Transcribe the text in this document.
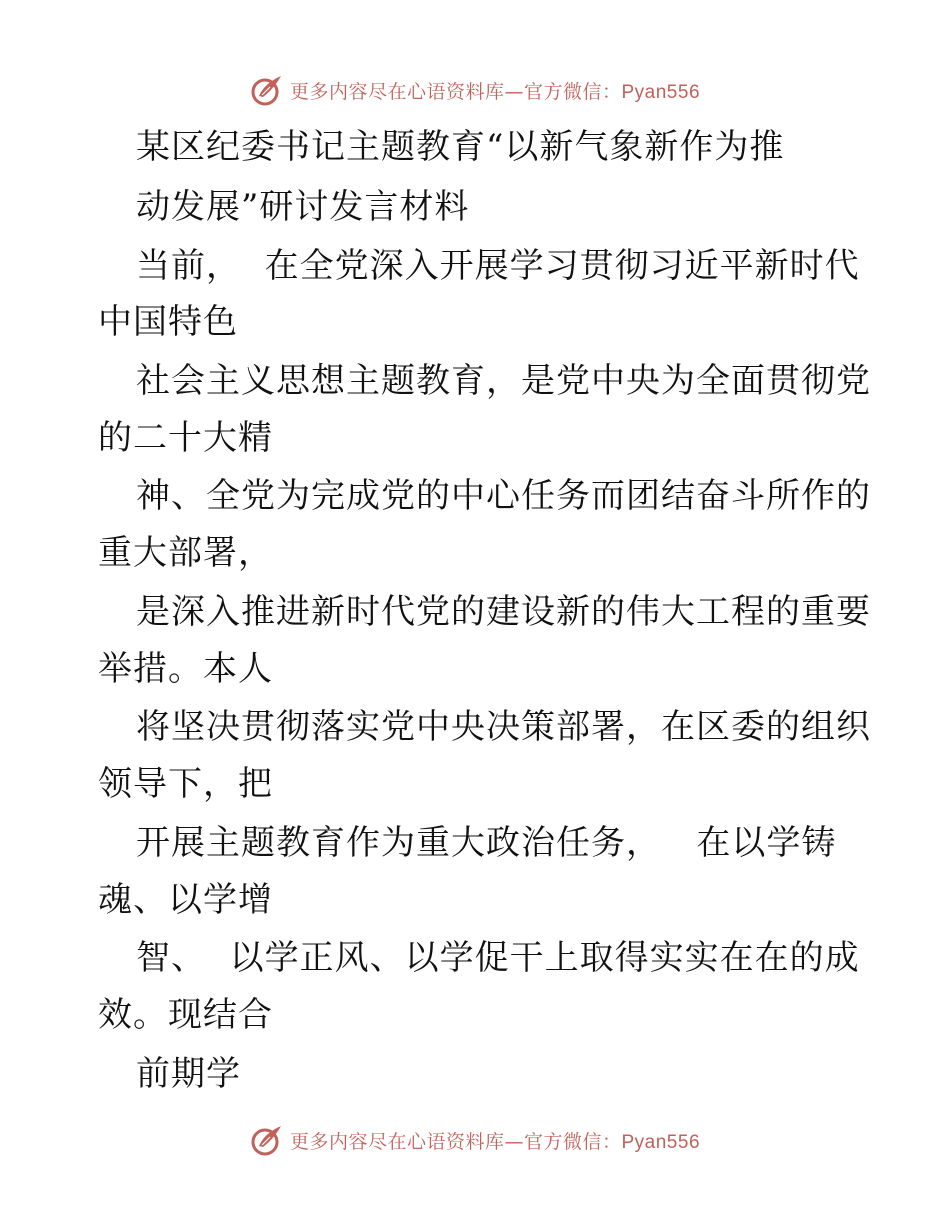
更多内容尽在心语资料库—官方微信：Pyan556
某区纪委书记主题教育“以新气象新作为推
动发展”研讨发言材料
当前，  在全党深入开展学习贯彻习近平新时代
中国特色
社会主义思想主题教育，是党中央为全面贯彻党
的二十大精
神、全党为完成党的中心任务而团结奋斗所作的
重大部署，
是深入推进新时代党的建设新的伟大工程的重要
举措。本人
将坚决贯彻落实党中央决策部署，在区委的组织
领导下，把
开展主题教育作为重大政治任务，   在以学铸
魂、以学增
智、  以学正风、以学促干上取得实实在在的成
效。现结合
前期学
更多内容尽在心语资料库—官方微信：Pyan556
